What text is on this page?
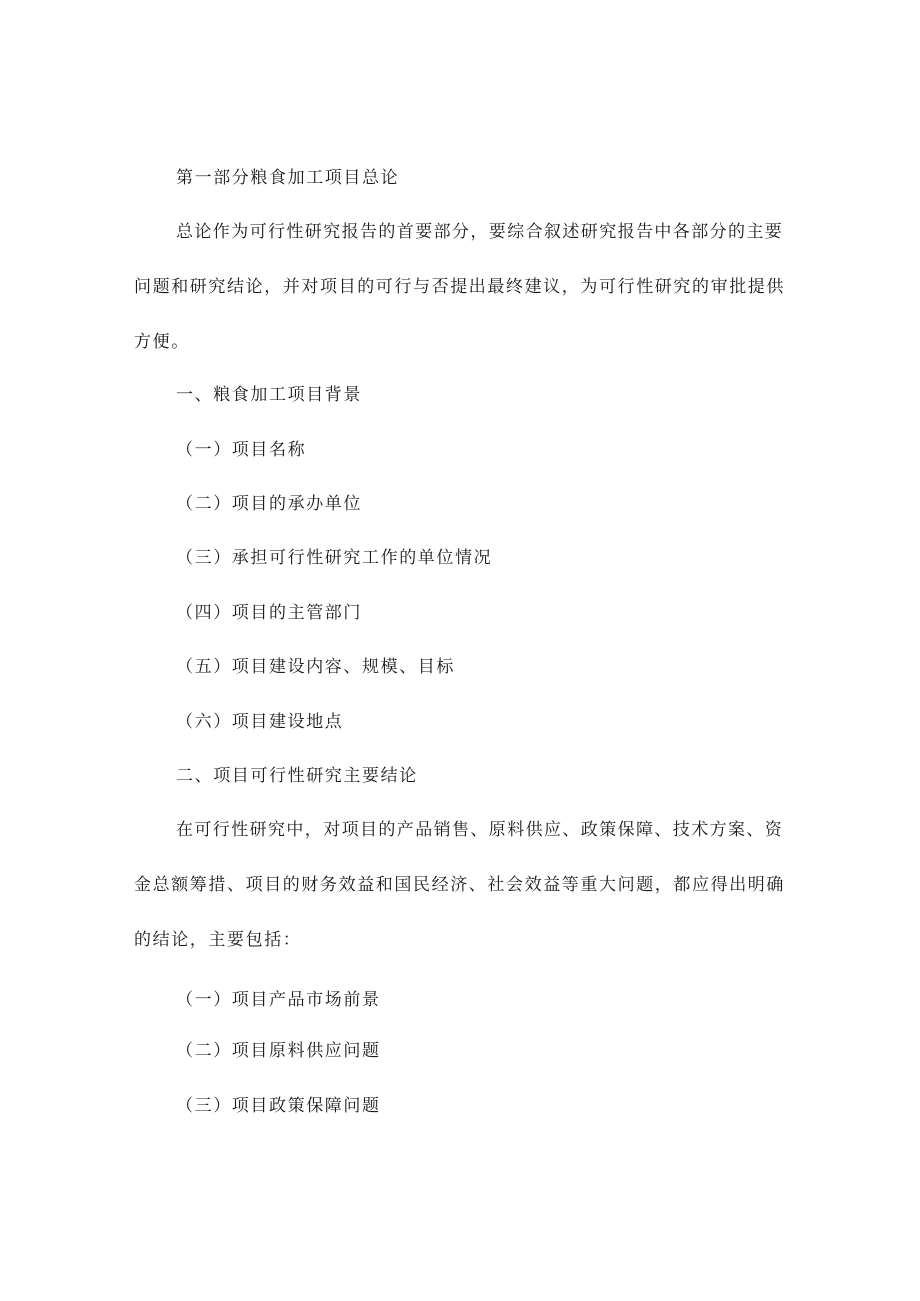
第一部分粮食加工项目总论
总论作为可行性研究报告的首要部分，要综合叙述研究报告中各部分的主要
问题和研究结论，并对项目的可行与否提出最终建议，为可行性研究的审批提供
方便。
一、粮食加工项目背景
（一）项目名称
（二）项目的承办单位
（三）承担可行性研究工作的单位情况
（四）项目的主管部门
（五）项目建设内容、规模、目标
（六）项目建设地点
二、项目可行性研究主要结论
在可行性研究中，对项目的产品销售、原料供应、政策保障、技术方案、资
金总额筹措、项目的财务效益和国民经济、社会效益等重大问题，都应得出明确
的结论，主要包括：
（一）项目产品市场前景
（二）项目原料供应问题
（三）项目政策保障问题
